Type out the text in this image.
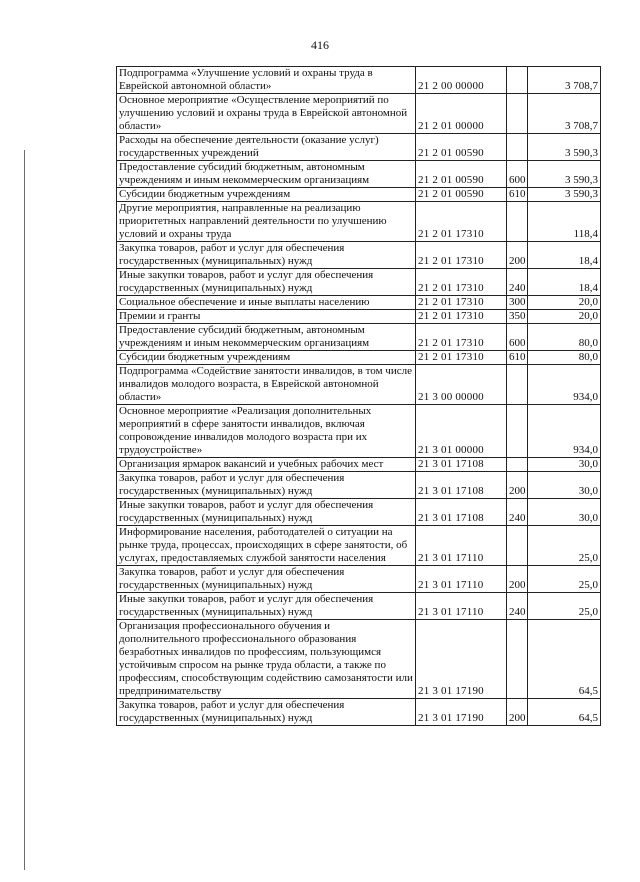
416
Подпрограмма «Улучшение условий и охраны труда в Еврейской автономной области»	21 2 00 00000		3 708,7
Основное мероприятие «Осуществление мероприятий по улучшению условий и охраны труда в Еврейской автономной области»	21 2 01 00000		3 708,7
Расходы на обеспечение деятельности (оказание услуг) государственных учреждений	21 2 01 00590		3 590,3
Предоставление субсидий бюджетным, автономным учреждениям и иным некоммерческим организациям	21 2 01 00590	600	3 590,3
Субсидии бюджетным учреждениям	21 2 01 00590	610	3 590,3
Другие мероприятия, направленные на реализацию приоритетных направлений деятельности по улучшению условий и охраны труда	21 2 01 17310		118,4
Закупка товаров, работ и услуг для обеспечения государственных (муниципальных) нужд	21 2 01 17310	200	18,4
Иные закупки товаров, работ и услуг для обеспечения государственных (муниципальных) нужд	21 2 01 17310	240	18,4
Социальное обеспечение и иные выплаты населению	21 2 01 17310	300	20,0
Премии и гранты	21 2 01 17310	350	20,0
Предоставление субсидий бюджетным, автономным учреждениям и иным некоммерческим организациям	21 2 01 17310	600	80,0
Субсидии бюджетным учреждениям	21 2 01 17310	610	80,0
Подпрограмма «Содействие занятости инвалидов, в том числе инвалидов молодого возраста, в Еврейской автономной области»	21 3 00 00000		934,0
Основное мероприятие «Реализация дополнительных мероприятий в сфере занятости инвалидов, включая сопровождение инвалидов молодого возраста при их трудоустройстве»	21 3 01 00000		934,0
Организация ярмарок вакансий и учебных рабочих мест	21 3 01 17108		30,0
Закупка товаров, работ и услуг для обеспечения государственных (муниципальных) нужд	21 3 01 17108	200	30,0
Иные закупки товаров, работ и услуг для обеспечения государственных (муниципальных) нужд	21 3 01 17108	240	30,0
Информирование населения, работодателей о ситуации на рынке труда, процессах, происходящих в сфере занятости, об услугах, предоставляемых службой занятости населения	21 3 01 17110		25,0
Закупка товаров, работ и услуг для обеспечения государственных (муниципальных) нужд	21 3 01 17110	200	25,0
Иные закупки товаров, работ и услуг для обеспечения государственных (муниципальных) нужд	21 3 01 17110	240	25,0
Организация профессионального обучения и дополнительного профессионального образования безработных инвалидов по профессиям, пользующимся устойчивым спросом на рынке труда области, а также по профессиям, способствующим содействию самозанятости или предпринимательству	21 3 01 17190		64,5
Закупка товаров, работ и услуг для обеспечения государственных (муниципальных) нужд	21 3 01 17190	200	64,5
